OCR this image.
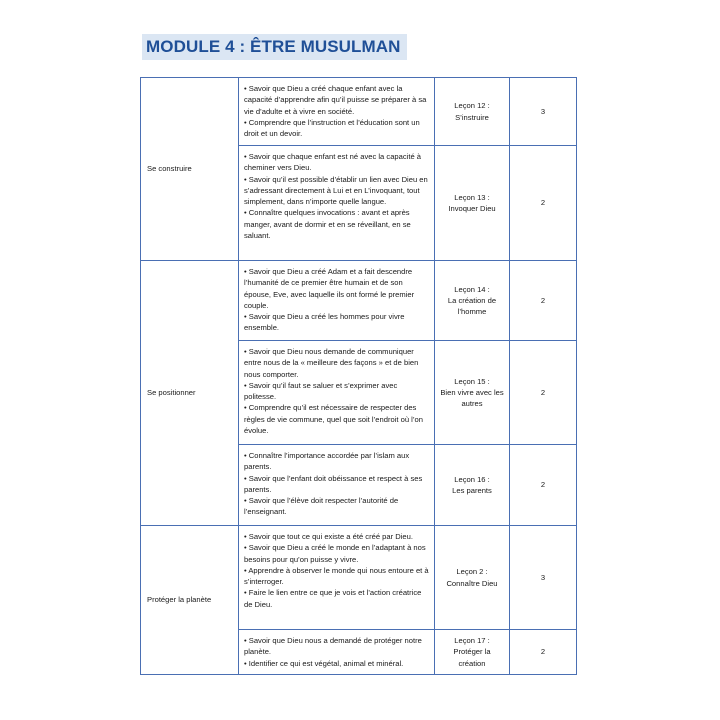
MODULE 4 : ÊTRE MUSULMAN
Se construire	• Savoir que Dieu a créé chaque enfant avec la capacité d’apprendre afin qu’il puisse se préparer à sa vie d’adulte et à vivre en société.
• Comprendre que l’instruction et l’éducation sont un droit et un devoir.	Leçon 12 :
S’instruire	3

	• Savoir que chaque enfant est né avec la capacité à cheminer vers Dieu.
• Savoir qu’il est possible d’établir un lien avec Dieu en s’adressant directement à Lui et en L’invoquant, tout simplement, dans n’importe quelle langue.
• Connaître quelques invocations : avant et après manger, avant de dormir et en se réveillant, en se saluant.	Leçon 13 :
Invoquer Dieu	2
Se positionner	• Savoir que Dieu a créé Adam et a fait descendre l’humanité de ce premier être humain et de son épouse, Eve, avec laquelle ils ont formé le premier couple.
• Savoir que Dieu a créé les hommes pour vivre ensemble.	Leçon 14 :
La création de l’homme	2

	• Savoir que Dieu nous demande de communiquer entre nous de la « meilleure des façons » et de bien nous comporter.
• Savoir qu’il faut se saluer et s’exprimer avec politesse.
• Comprendre qu’il est nécessaire de respecter des règles de vie commune, quel que soit l’endroit où l’on évolue.	Leçon 15 :
Bien vivre avec les autres	2

	• Connaître l’importance accordée par l’islam aux parents.
• Savoir que l’enfant doit obéissance et respect à ses parents.
• Savoir que l’élève doit respecter l’autorité de l’enseignant.	Leçon 16 :
Les parents	2
Protéger la planète	• Savoir que tout ce qui existe a été créé par Dieu.
• Savoir que Dieu a créé le monde en l’adaptant à nos besoins pour qu’on puisse y vivre.
• Apprendre à observer le monde qui nous entoure et à s’interroger.
• Faire le lien entre ce que je vois et l’action créatrice de Dieu.	Leçon 2 :
Connaître Dieu	3

	• Savoir que Dieu nous a demandé de protéger notre planète.
• Identifier ce qui est végétal, animal et minéral.	Leçon 17 :
Protéger la création	2
